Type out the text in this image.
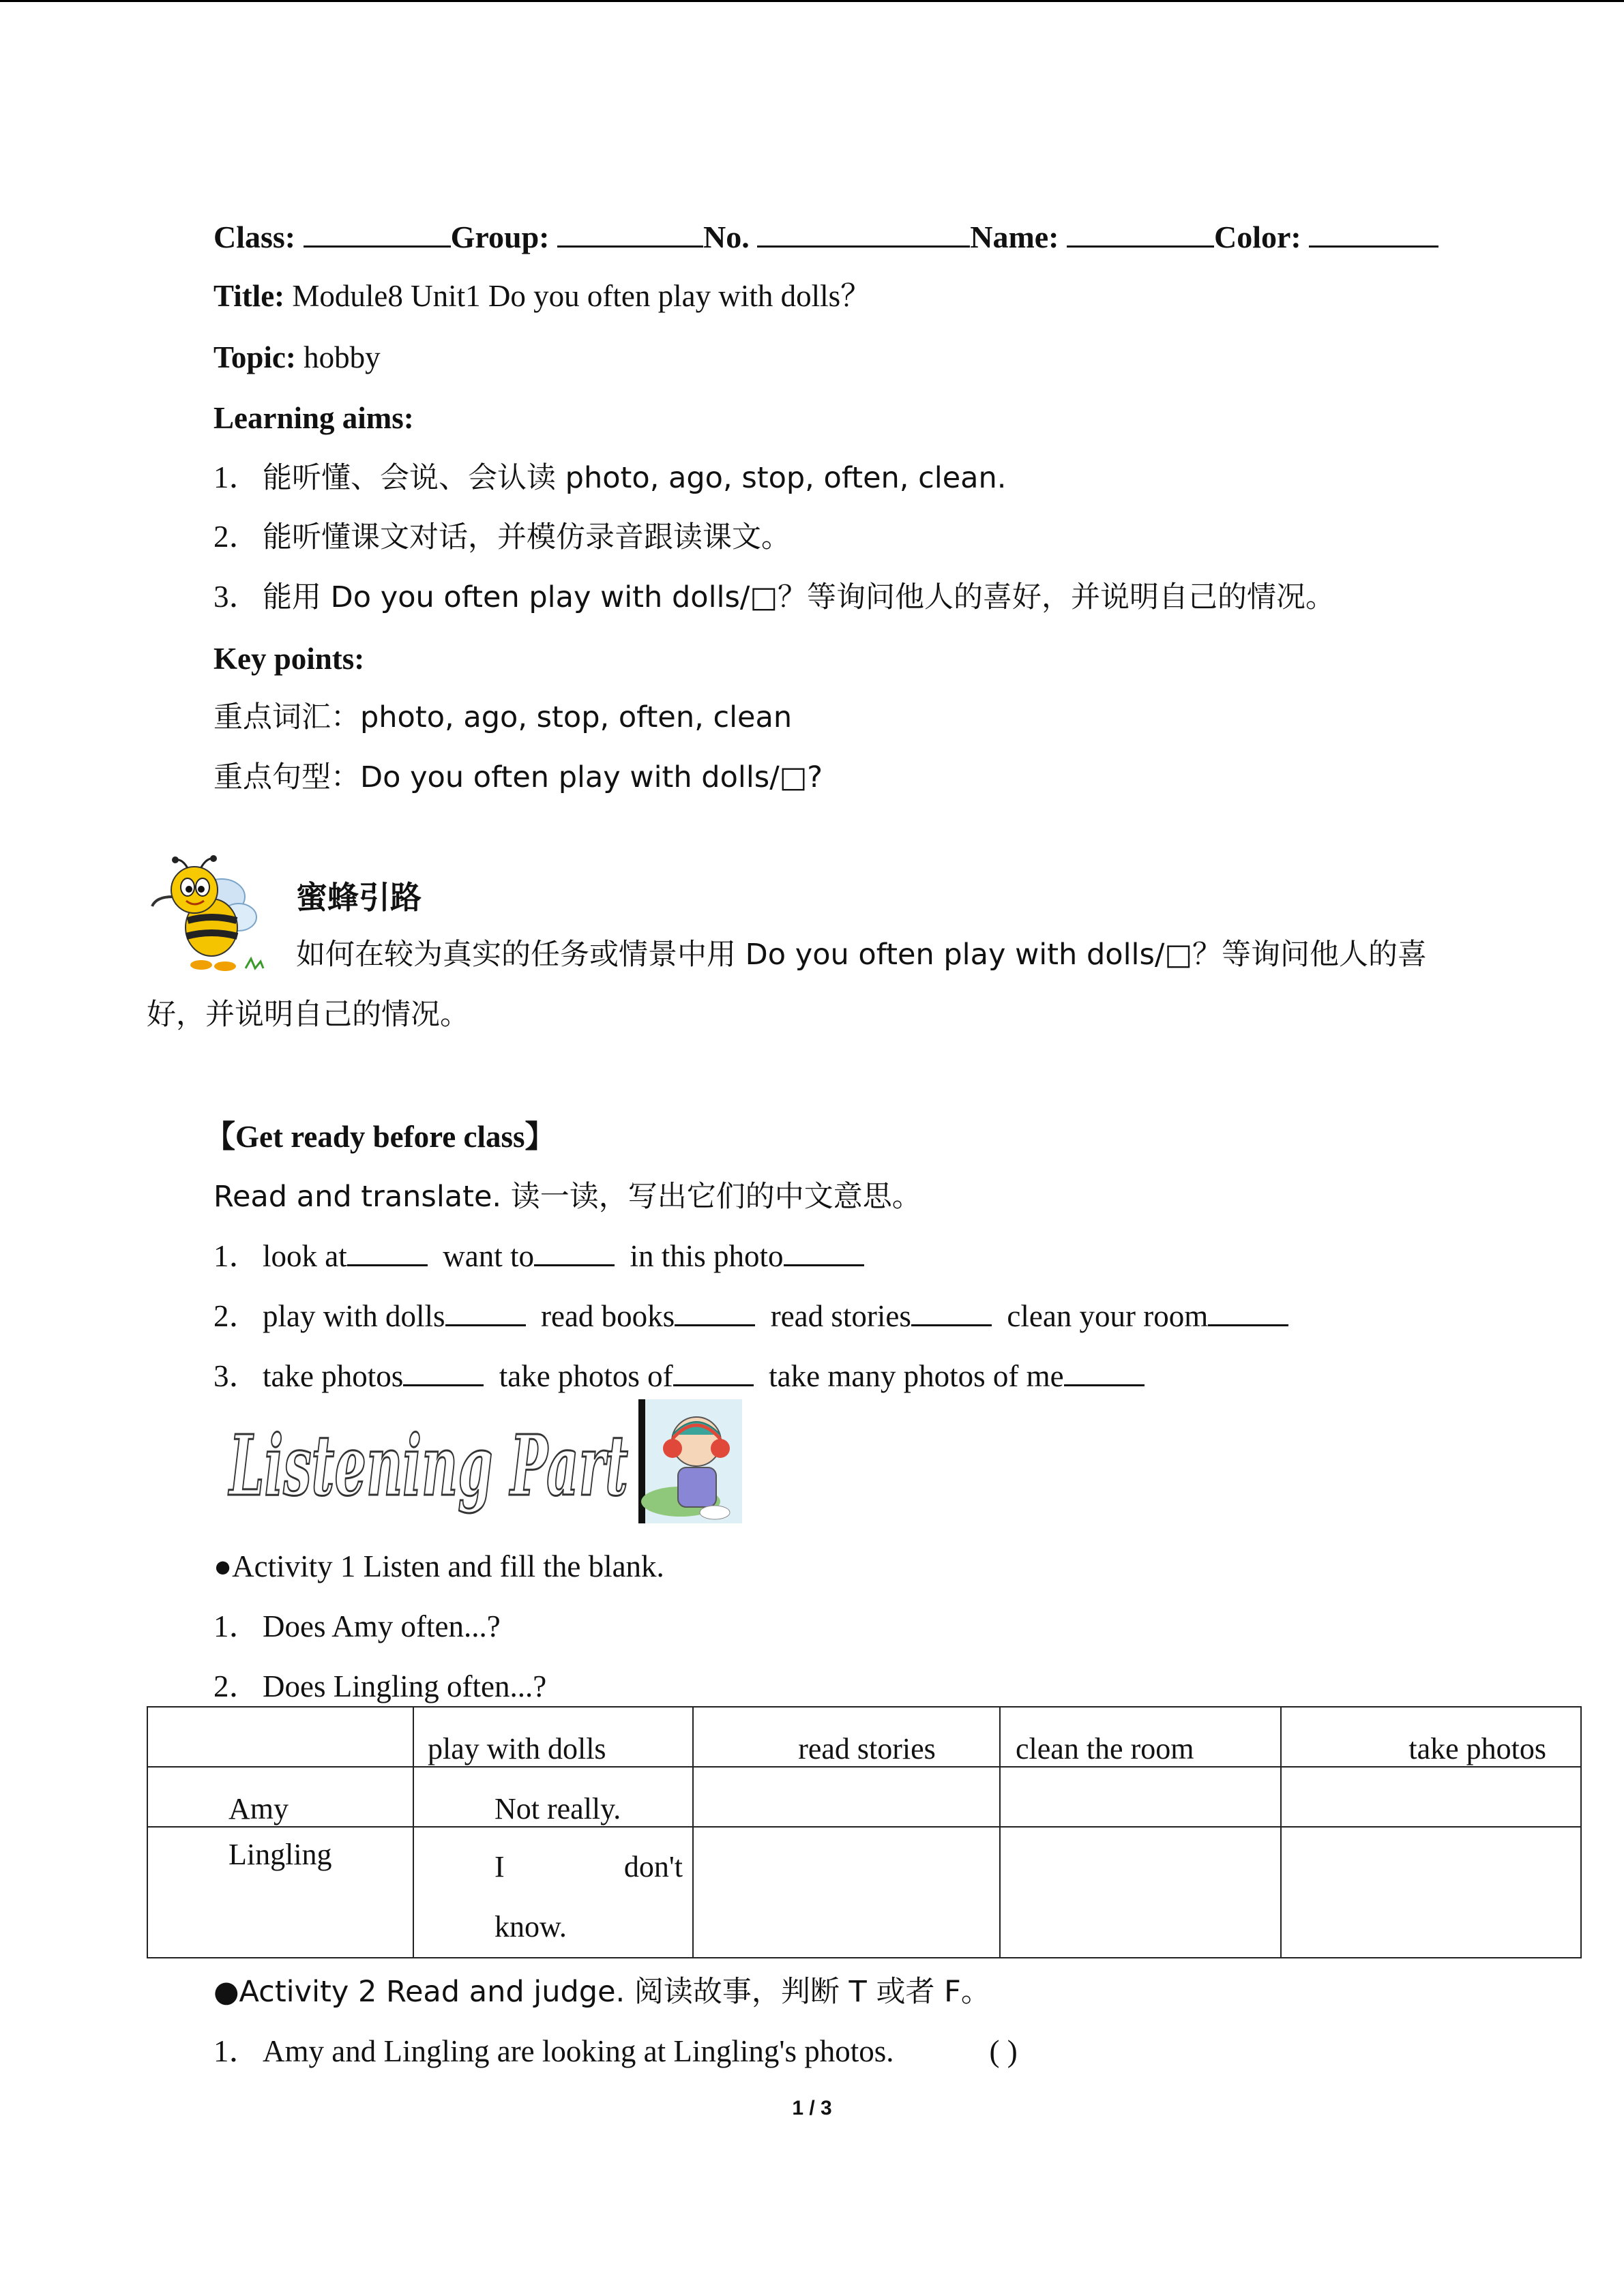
Class:	Group:	No.	Name:	Color:
Title: Module8 Unit1 Do you often play with dolls？
Topic: hobby
Learning aims:
1． 能听懂、会说、会认读 photo, ago, stop, often, clean.
2． 能听懂课文对话，并模仿录音跟读课文。
3． 能用 Do you often play with dolls/□？等询问他人的喜好，并说明自己的情况。
Key points:
重点词汇：photo, ago, stop, often, clean
重点句型：Do you often play with dolls/□?
蜜蜂引路
如何在较为真实的任务或情景中用 Do you often play with dolls/□？等询问他人的喜
好，并说明自己的情况。
【Get ready before class】
Read and translate. 读一读，写出它们的中文意思。
1．look at	want to	in this photo
2．play with dolls	read books	read stories	clean your room
3．take photos	take photos of	take many photos of me
Listening Part
●Activity 1 Listen and fill the blank.
1．Does Amy often...?
2．Does Lingling often...?
	play with dolls	read stories	clean the room	take photos
Amy	Not really.			
Lingling	I don't
know.			

●Activity 2 Read and judge. 阅读故事，判断 T 或者 F。
1．Amy and Lingling are looking at Lingling's photos.	( )
1 / 3
